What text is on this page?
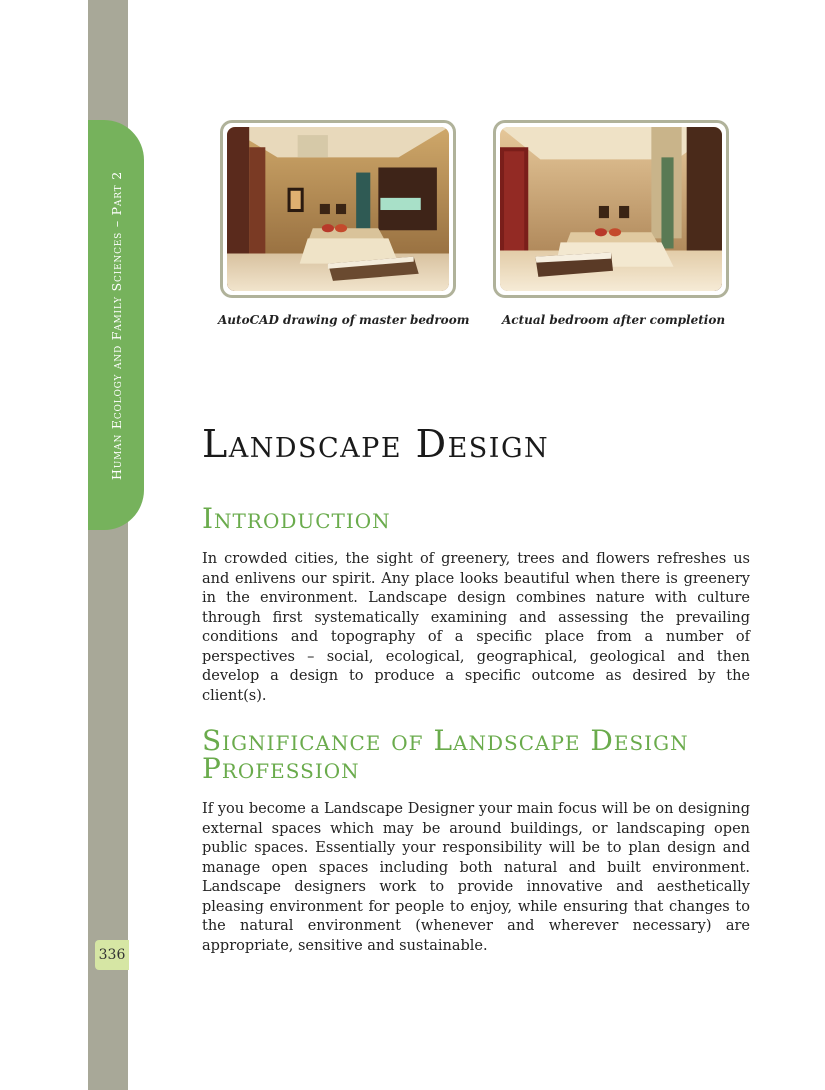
Human Ecology and Family Sciences – Part 2
336
AutoCAD drawing of master bedroom	Actual bedroom after completion
Landscape Design
Introduction

In crowded cities, the sight of greenery, trees and flowers refreshes us and enlivens our spirit. Any place looks beautiful when there is greenery in the environment. Landscape design combines nature with culture through first systematically examining and assessing the prevailing conditions and topography of a specific place from a number of perspectives – social, ecological, geographical, geological and then develop a design to produce a specific outcome as desired by the client(s).

Significance of Landscape Design
Profession

If you become a Landscape Designer your main focus will be on designing external spaces which may be around buildings, or landscaping open public spaces. Essentially your responsibility will be to plan design and manage open spaces including both natural and built environment. Landscape designers work to provide innovative and aesthetically pleasing environment for people to enjoy, while ensuring that changes to the natural environment (whenever and wherever necessary) are appropriate, sensitive and sustainable.
